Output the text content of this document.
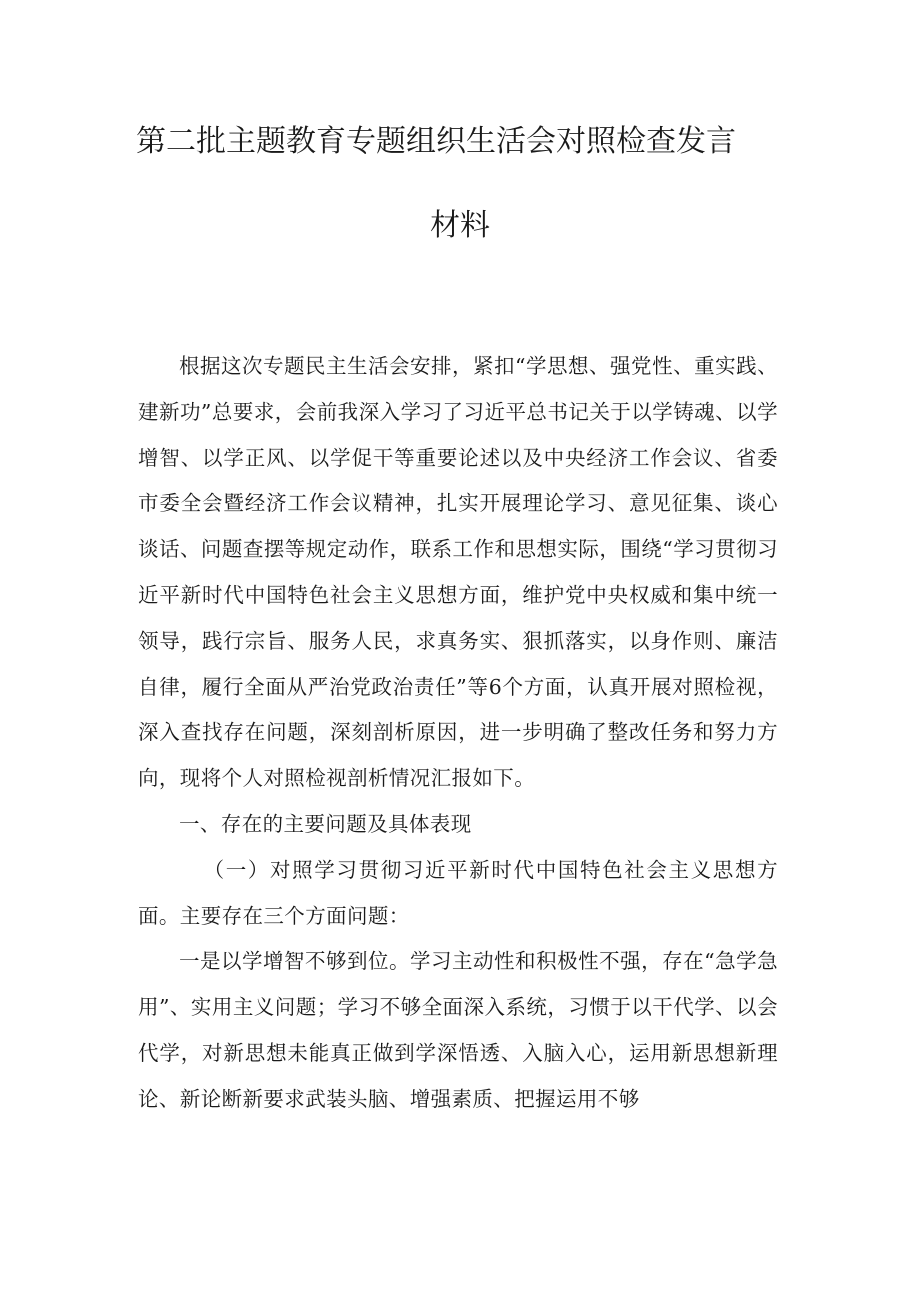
第二批主题教育专题组织生活会对照检查发言
材料

根据这次专题民主生活会安排，紧扣“学思想、强党性、重实践、建新功”总要求，会前我深入学习了习近平总书记关于以学铸魂、以学增智、以学正风、以学促干等重要论述以及中央经济工作会议、省委市委全会暨经济工作会议精神，扎实开展理论学习、意见征集、谈心谈话、问题查摆等规定动作，联系工作和思想实际，围绕“学习贯彻习近平新时代中国特色社会主义思想方面，维护党中央权威和集中统一领导，践行宗旨、服务人民，求真务实、狠抓落实，以身作则、廉洁自律，履行全面从严治党政治责任”等6个方面，认真开展对照检视，深入查找存在问题，深刻剖析原因，进一步明确了整改任务和努力方向，现将个人对照检视剖析情况汇报如下。

一、存在的主要问题及具体表现

（一）对照学习贯彻习近平新时代中国特色社会主义思想方面。主要存在三个方面问题：

一是以学增智不够到位。学习主动性和积极性不强，存在“急学急用”、实用主义问题；学习不够全面深入系统，习惯于以干代学、以会代学，对新思想未能真正做到学深悟透、入脑入心，运用新思想新理论、新论断新要求武装头脑、增强素质、把握运用不够
